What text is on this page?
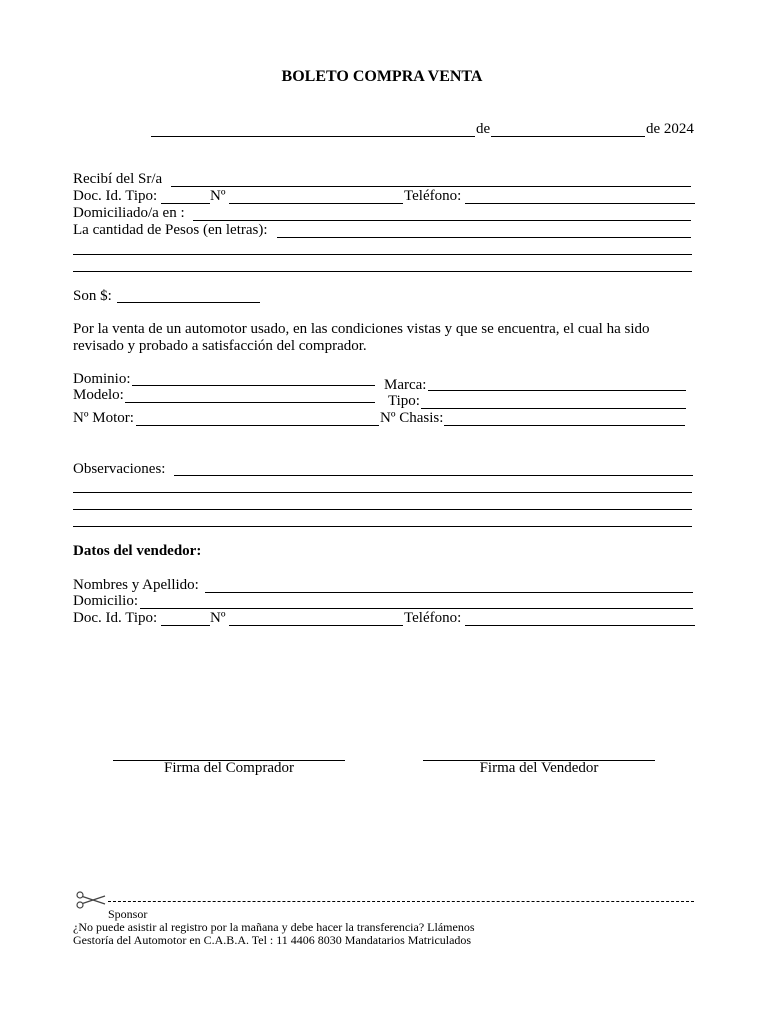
BOLETO COMPRA VENTA
de	de 2024
Recibí del Sr/a
Doc. Id. Tipo:	Nº	Teléfono:
Domiciliado/a en :
La cantidad de Pesos (en letras):
Son $:
Por la venta de un automotor usado, en las condiciones vistas y que se encuentra, el cual ha sido
revisado y probado a satisfacción del comprador.
Dominio:	Marca:
Modelo:	Tipo:
Nº Motor:	Nº Chasis:
Observaciones:
Datos del vendedor:
Nombres y Apellido:
Domicilio:
Doc. Id. Tipo:	Nº	Teléfono:
Firma del Comprador	Firma del Vendedor
Sponsor
¿No puede asistir al registro por la mañana y debe hacer la transferencia? Llámenos
Gestoría del Automotor en C.A.B.A. Tel : 11 4406 8030 Mandatarios Matriculados
